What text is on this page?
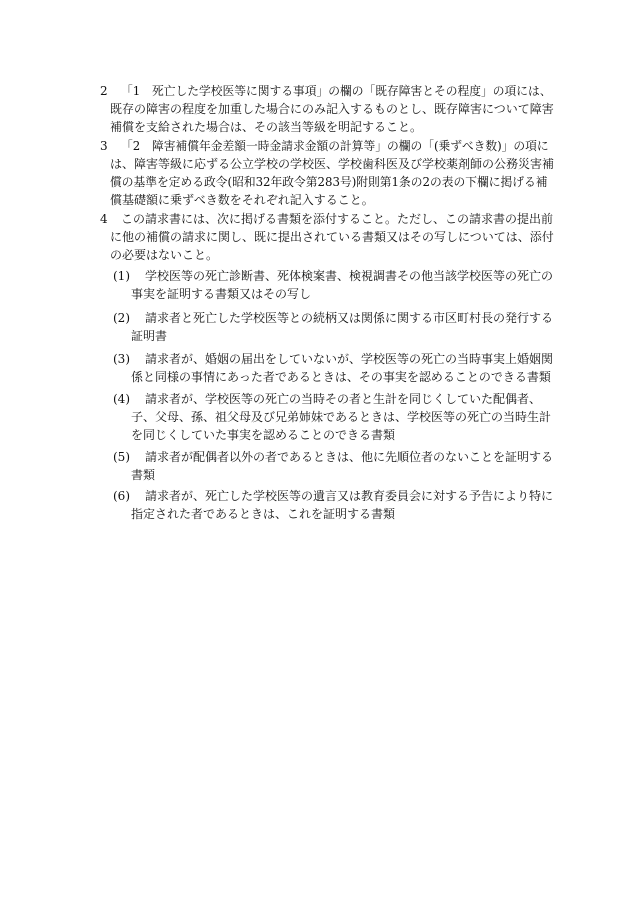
2 「1　死亡した学校医等に関する事項」の欄の「既存障害とその程度」の項には、
既存の障害の程度を加重した場合にのみ記入するものとし、既存障害について障害
補償を支給された場合は、その該当等級を明記すること。
3 「2　障害補償年金差額一時金請求金額の計算等」の欄の「(乗ずべき数)」の項に
は、障害等級に応ずる公立学校の学校医、学校歯科医及び学校薬剤師の公務災害補
償の基準を定める政令(昭和32年政令第283号)附則第1条の2の表の下欄に掲げる補
償基礎額に乗ずべき数をそれぞれ記入すること。
4 この請求書には、次に掲げる書類を添付すること。ただし、この請求書の提出前
に他の補償の請求に関し、既に提出されている書類又はその写しについては、添付
の必要はないこと。
(1) 学校医等の死亡診断書、死体検案書、検視調書その他当該学校医等の死亡の
事実を証明する書類又はその写し
(2) 請求者と死亡した学校医等との続柄又は関係に関する市区町村長の発行する
証明書
(3) 請求者が、婚姻の届出をしていないが、学校医等の死亡の当時事実上婚姻関
係と同様の事情にあった者であるときは、その事実を認めることのできる書類
(4) 請求者が、学校医等の死亡の当時その者と生計を同じくしていた配偶者、
子、父母、孫、祖父母及び兄弟姉妹であるときは、学校医等の死亡の当時生計
を同じくしていた事実を認めることのできる書類
(5) 請求者が配偶者以外の者であるときは、他に先順位者のないことを証明する
書類
(6) 請求者が、死亡した学校医等の遺言又は教育委員会に対する予告により特に
指定された者であるときは、これを証明する書類
